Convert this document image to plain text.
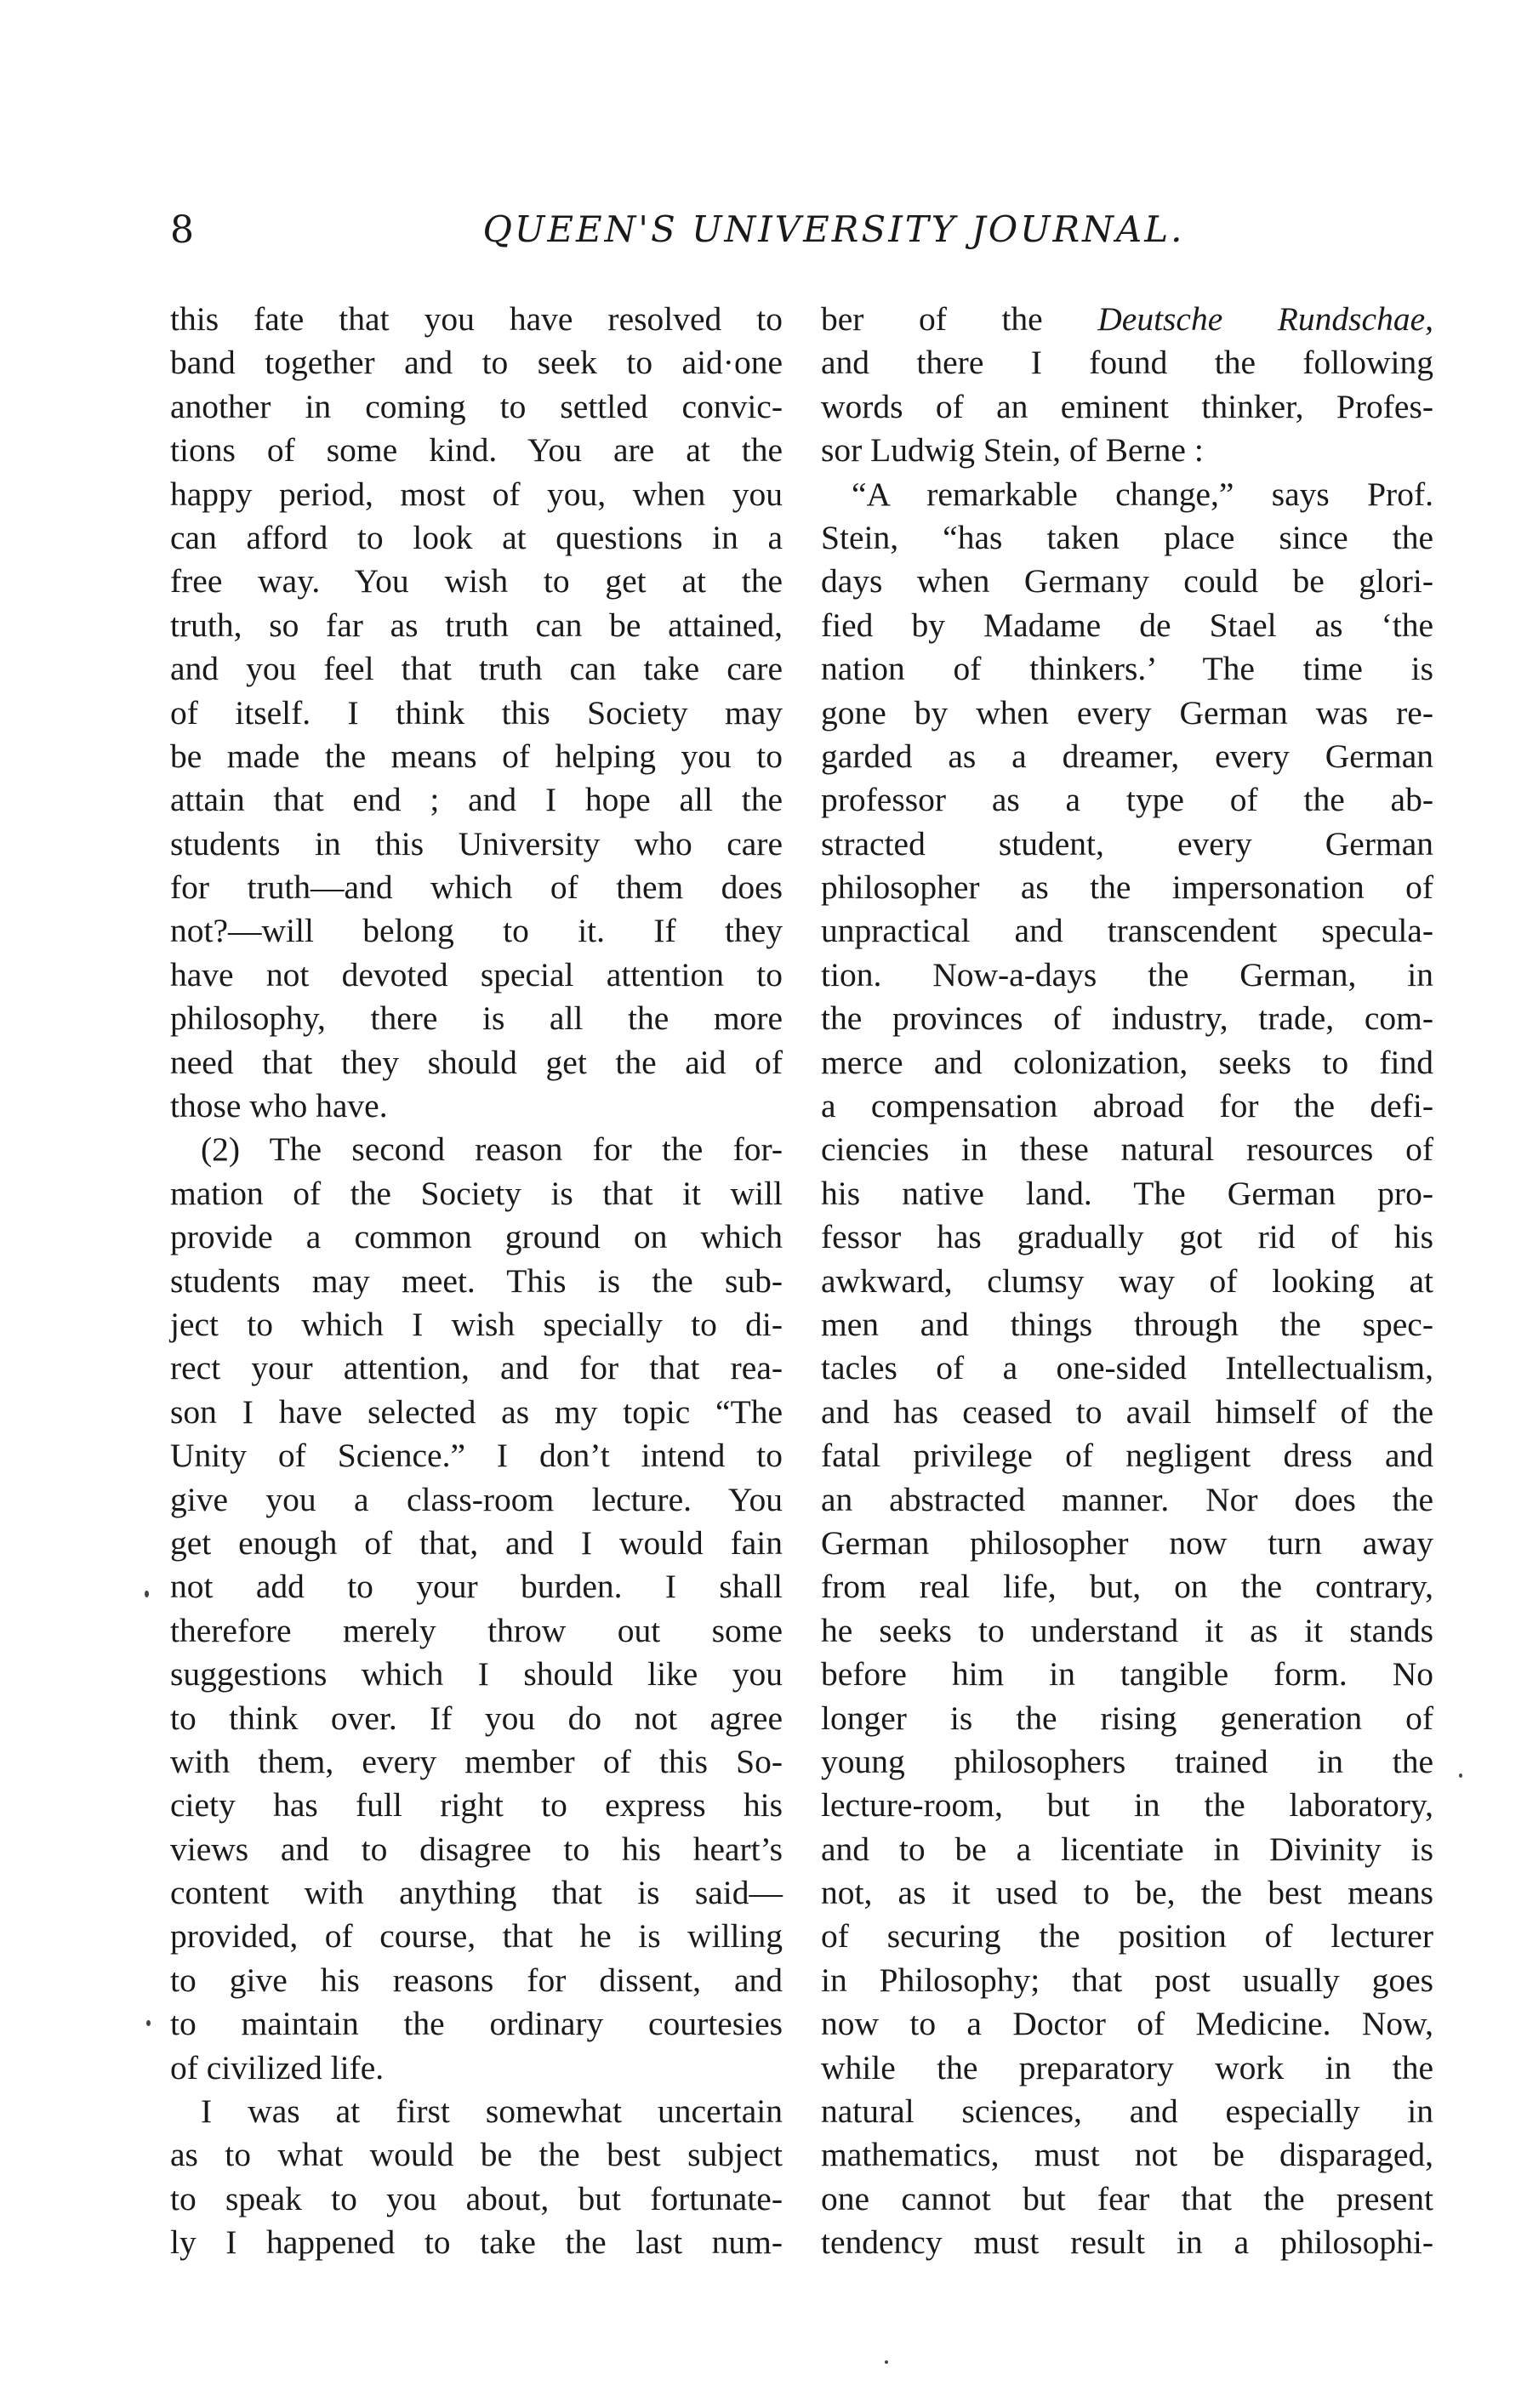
8	QUEEN'S UNIVERSITY JOURNAL.
this fate that you have resolved to
band together and to seek to aid·one
another in coming to settled convic-
tions of some kind. You are at the
happy period, most of you, when you
can afford to look at questions in a
free way. You wish to get at the
truth, so far as truth can be attained,
and you feel that truth can take care
of itself. I think this Society may
be made the means of helping you to
attain that end ; and I hope all the
students in this University who care
for truth—and which of them does
not?—will belong to it. If they
have not devoted special attention to
philosophy, there is all the more
need that they should get the aid of
those who have.
(2) The second reason for the for-
mation of the Society is that it will
provide a common ground on which
students may meet. This is the sub-
ject to which I wish specially to di-
rect your attention, and for that rea-
son I have selected as my topic “The
Unity of Science.” I don’t intend to
give you a class-room lecture. You
get enough of that, and I would fain
not add to your burden. I shall
therefore merely throw out some
suggestions which I should like you
to think over. If you do not agree
with them, every member of this So-
ciety has full right to express his
views and to disagree to his heart’s
content with anything that is said—
provided, of course, that he is willing
to give his reasons for dissent, and
to maintain the ordinary courtesies
of civilized life.
I was at first somewhat uncertain
as to what would be the best subject
to speak to you about, but fortunate-
ly I happened to take the last num-
ber of the Deutsche Rundschae,
and there I found the following
words of an eminent thinker, Profes-
sor Ludwig Stein, of Berne :
“A remarkable change,” says Prof.
Stein, “has taken place since the
days when Germany could be glori-
fied by Madame de Stael as ‘the
nation of thinkers.’ The time is
gone by when every German was re-
garded as a dreamer, every German
professor as a type of the ab-
stracted student, every German
philosopher as the impersonation of
unpractical and transcendent specula-
tion. Now-a-days the German, in
the provinces of industry, trade, com-
merce and colonization, seeks to find
a compensation abroad for the defi-
ciencies in these natural resources of
his native land. The German pro-
fessor has gradually got rid of his
awkward, clumsy way of looking at
men and things through the spec-
tacles of a one-sided Intellectualism,
and has ceased to avail himself of the
fatal privilege of negligent dress and
an abstracted manner. Nor does the
German philosopher now turn away
from real life, but, on the contrary,
he seeks to understand it as it stands
before him in tangible form. No
longer is the rising generation of
young philosophers trained in the
lecture-room, but in the laboratory,
and to be a licentiate in Divinity is
not, as it used to be, the best means
of securing the position of lecturer
in Philosophy; that post usually goes
now to a Doctor of Medicine. Now,
while the preparatory work in the
natural sciences, and especially in
mathematics, must not be disparaged,
one cannot but fear that the present
tendency must result in a philosophi-
